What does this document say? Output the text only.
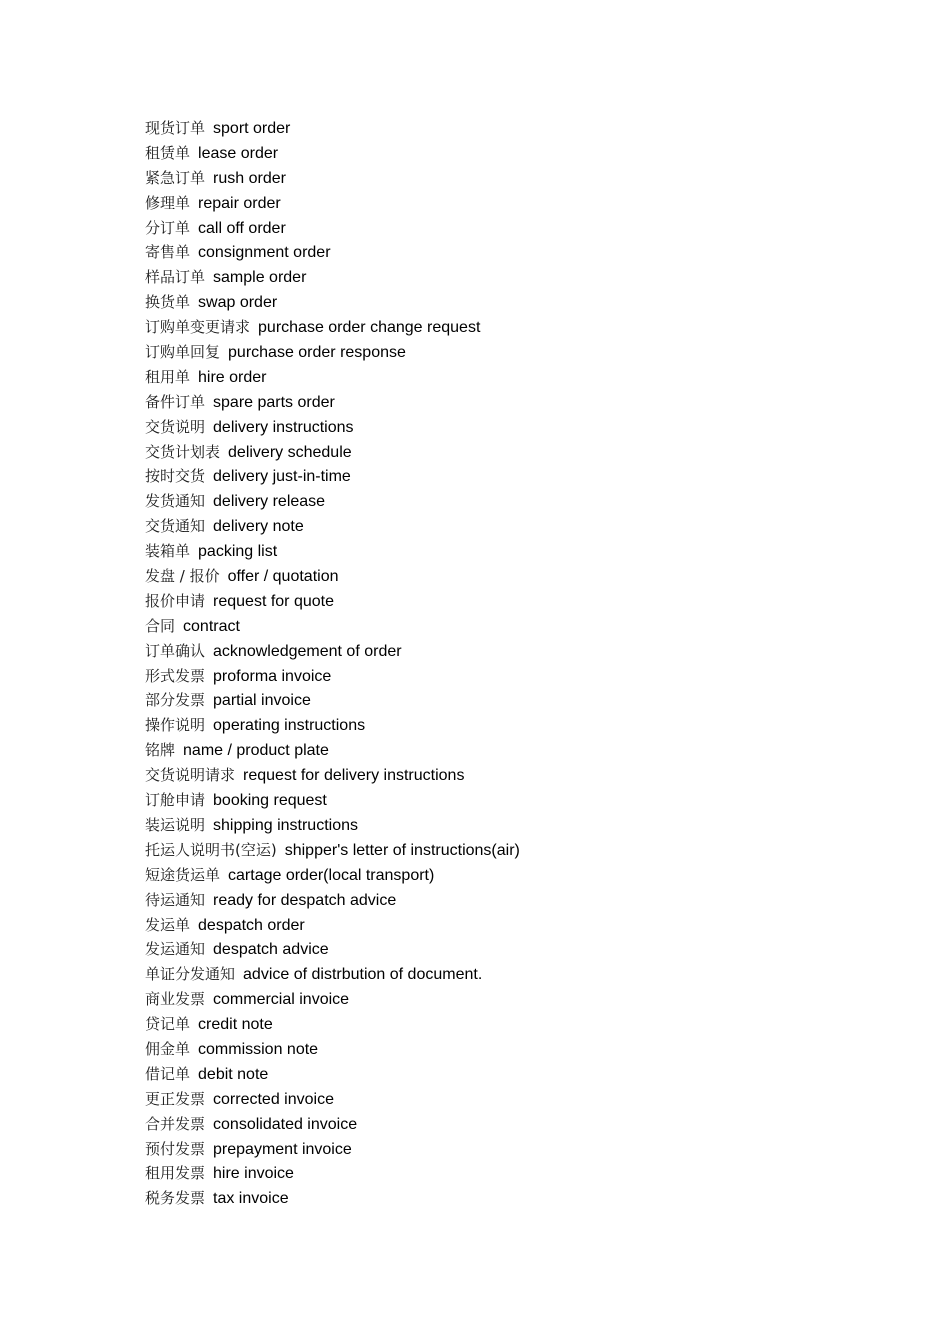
现货订单 sport order
租赁单 lease order
紧急订单 rush order
修理单 repair order
分订单 call off order
寄售单 consignment order
样品订单 sample order
换货单 swap order
订购单变更请求 purchase order change request
订购单回复 purchase order response
租用单 hire order
备件订单 spare parts order
交货说明 delivery instructions
交货计划表 delivery schedule
按时交货 delivery just-in-time
发货通知 delivery release
交货通知 delivery note
装箱单 packing list
发盘 / 报价 offer / quotation
报价申请 request for quote
合同 contract
订单确认 acknowledgement of order
形式发票 proforma invoice
部分发票 partial invoice
操作说明 operating instructions
铭牌 name / product plate
交货说明请求 request for delivery instructions
订舱申请 booking request
装运说明 shipping instructions
托运人说明书(空运) shipper's letter of instructions(air)
短途货运单 cartage order(local transport)
待运通知 ready for despatch advice
发运单 despatch order
发运通知 despatch advice
单证分发通知 advice of distrbution of document.
商业发票 commercial invoice
贷记单 credit note
佣金单 commission note
借记单 debit note
更正发票 corrected invoice
合并发票 consolidated invoice
预付发票 prepayment invoice
租用发票 hire invoice
税务发票 tax invoice
